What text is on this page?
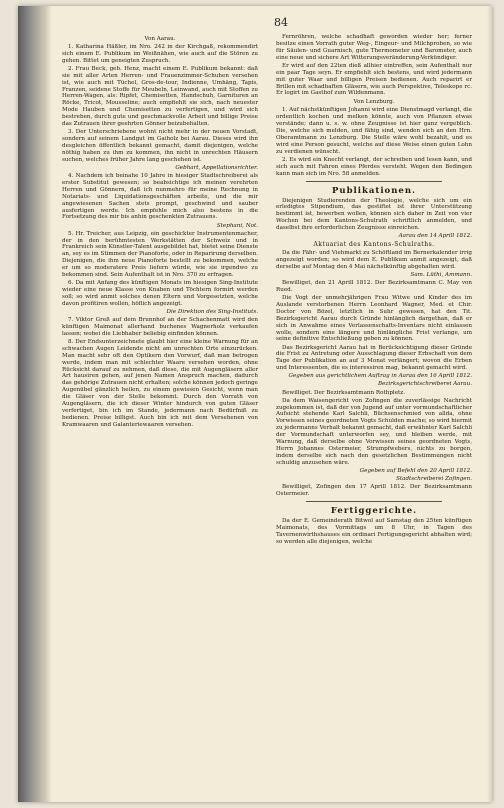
84

Von Aarau.

1. Katharina Häßler, im Nro. 242 in der Kirchgaß, rekommendirt sich einem E. Publikum im Weißnähen, wie auch auf die Stören zu gehen. Bittet um geneigten Zuspruch.

2. Frau Beck, geb. Henz, macht einem E. Publikum bekannt: daß sie mit aller Arten Herren- und Frauenzimmer-Schuhen versehen ist, wie auch mit Tüchel, Gros-de-tour, Indienne, Umhäng, Tapis, Franzen, seidene Stoffe für Meubeln, Leinwand, auch mit Stoffen zu Herren-Wagen, als: Ripfet, Chemisetten, Handschuh, Garnituren an Röcke, Tricot, Mousseline; auch empfiehlt sie sich, nach neuester Mode Hauben und Chemisetten zu verfertigen, und wird sich bestreben, durch gute und geschmackvolle Arbeit und billige Preise das Zutrauen ihrer geehrten Gönner beizubehalten.

3. Der Unterschriebene wohnt nicht mehr in der neuen Vorstadt, sondern auf seinem Landgut im Gaiholz bei Aarau. Dieses wird ihn desgleichen öffentlich bekannt gemacht, damit diejenigen, welche nöthig haben zu ihm zu kommen, ihn nicht in unrechten Häusern suchen, welches früher Jahre lang geschehen ist.

Gebhart, Appellationsrichter.

4. Nachdem ich beinahe 10 Jahre in hiesiger Stadtschreiberei als erster Substitut gewesen; so beabsichtige ich meinen verehrten Herren und Gönnern, daß ich nunmehro für meine Rechnung in Notariats- und Liquidationsgeschäften arbeite, und die mir angewiesenen Sachen stets prompt, geschwind und sauber ausfertigen werde. Ich empfehle mich also bestens in die Fortsetzung des mir bis anhin geschenkten Zutrauens.

Stephani, Not.

5. Hr. Treicher, aus Leipzig, ein geschickter Instrumentenmacher, der in den berühmtesten Werkstätten der Schweiz und in Frankreich sein Künstler-Talent ausgebildet hat, bietet seine Dienste an, sey es im Stimmen der Pianoforte, oder in Reparirung derselben. Diejenigen, die ihm neue Pianoforte bestellt zu bekommen, welche er um so moderatere Preis liefern würde, wie sie irgendwo zu bekommen sind. Sein Aufenthalt ist in Nro. 370 zu erfragen.

6. Da mit Anfang des künftigen Monats im hiesigen Sing-Institute wieder eine neue Klasse von Knaben und Töchtern formirt werden soll; so wird anmit solches denen Eltern und Vorgesetzten, welche davon profitiren wollen, höflich angezeigt.

Die Direktion des Sing-Instituts.

7. Viktor Greß auf dem Brunnhof an der Schachenmatt wird den künftigen Maimonat allerhand buchenes Wagnerholz verkaufen lassen; wobei die Liebhaber beliebig einfinden können.

8. Der Endsunterzeichnete glaubt hier eine kleine Warnung für an schwachen Augen Leidende nicht am unrechten Orte einzurücken. Man macht sehr oft den Optikern den Vorwurf, daß man betrogen werde, indem man mit schlechter Waare versehen worden, ohne Rücksicht darauf zu nehmen, daß diese, die mit Augengläsern aller Art hausiren gehen, auf jenen Namen Anspruch machen, dadurch das gehörige Zutrauen nicht erhalten; solche können jedoch geringe Augenübel gänzlich heilen, zu einem gewissen Gesicht, wenn man die Gläser von der Stelle bekommt. Durch den Vorrath von Augengläsern, die ich dieser Winter hindurch von guten Gläser verfertiget, bin ich im Stande, jedermann nach Bedürfniß zu bedienen. Preise billigst. Auch bin ich mit dem Versehenen von Kramwaaren und Galanteriewaaren versehen.

Fernröhren, welche schadhaft geworden wieder her; ferner besitze einen Vorrath guter Weg-, Eingeur- und Milchproben, so wie für Säulen- und Guarnisch, gute Thermometer und Barometer, auch eine neue und sichere Art Witterungsveränderung-Verkündiger.

Er wird auf den 22ten dieß allhier eintreffen, sein Aufenthalt nur ein paar Tage seyn. Er empfiehlt sich bestens, und wird jedermann mit guter Waar und billigen Preisen bedienen. Auch reparirt er Brillen mit schadhaften Gläsern, wie auch Perspektive, Teleskope rc. Er logirt im Gasthof zum Wildenmann.

Von Lenzburg.

1. Auf nächstkünftigen Johanni wird eine Dienstmagd verlangt, die ordentlich kochen und melken könnte, auch von Pflanzen etwas verstände; dann u. s. w. ohne Zeugnisse ist hier ganz vergeblich. Die, welche sich melden, und fähig sind, wenden sich an den Hrn. Oberamtmann zu Lenzburg. Die Stelle wäre wohl bezahlt, und es wird eine Person gesucht, welche auf diese Weise einen guten Lohn zu verdienen wünscht.

2. Es wird ein Knecht verlangt, der schreiben und lesen kann, und sich auch mit Fahren eines Pferdes versteht. Wegen den Bedingen kann man sich im Nro. 58 anmelden.

Publikationen.

Diejenigen Studierenden der Theologie, welche sich um ein erledigtes Stipendium, das gestiftet ist ihrer Unterstützung bestimmt ist, bewerben wollen, können sich daher in Zeit von vier Wochen bei dem Kantons-Schulrath schriftlich anmelden, und daselbst ihre erforderlichen Zeugnisse einreichen.

Aarau den 14 Aprill 1812.

Aktuariat des Kantons-Schulraths.

Da die Fähr- und Viehmarkt zu Schöftland im Bernerkalender irrig angezeigt worden; so wird dem E. Publikum anmit angezeigt, daß derselbe auf Montag den 4 Mai nächstkünftig abgehalten wird.

Sam. Lüthi, Ammann.

Bewilliget, den 21 Aprill 1812. Der Bezirksamtmann C. May von Rued.

Die Vogt der unmehrjährigen Frau Witwe und Kinder des im Auslande verstorbenen Herrn Leonhard Wagner, Med. et Chir. Doctor von Bözel, letztlich in Suhr gewesen, hat den Tit. Bezirksgericht Aarau durch Gründe hinlänglich dargethan, daß er sich in Anwahme eines Verlassenschafts-Inventars nicht einlassen wolle, sondern eine längere und hinlängliche Frist verlange, um seine definitive Entschließung geben zu können.

Das Bezirksgericht Aarau hat in Berücksichtigung dieser Gründe die Frist zu Antretung oder Ausschlagung dieser Erbschaft von dem Tage der Publikation an auf 3 Monat verlängert; wovon die Erben und Interessenten, die es interessiren mag, bekannt gemacht wird.

Gegeben aus gerichtlichem Auftrag in Aarau den 16 Aprill 1812.

Bezirksgerichtschreiberei Aarau.

Bewilliget. Der Bezirksamtmann Rothpletz.

Da dem Waisengericht von Zofingen die zuverlässige Nachricht zugekommen ist, daß der von Jugend auf unter vormundschaftlicher Aufsicht stehende Karl Salchli, Büchsenschmied von allda, ohne Vorwissen seines geordneten Vogts Schulden mache; so wird hiermit zu jedermanns Verhalt bekannt gemacht, daß erwähnter Karl Salchli der Vormundschaft unterworfen sey, und bleiben werde, mit Warnung, daß derselbe ohne Vorwissen seines geordneten Vogts, Herrn Johannes Ostermeier, Strumpfwebers, nichts zu borgen, indem derselbe sich nach den gesetzlichen Bestimmungen nicht schuldig anzusehen wäre.

Gegeben auf Befehl den 20 Aprill 1812.

Stadtschreiberei Zofingen.

Bewilliget, Zofingen den 17 Aprill 1812. Der Bezirksamtmann Ostermeier.

Fertiggerichte.

Da der E. Gemeinderath Bitwol auf Samstag den 25ten künftigen Maimonats, des Vormittags um 8 Uhr, in Tagen des Tavernenwirthshauses ein ordinari Fertigungsgericht abhalten wird; so werden alle diejenigen, welche
